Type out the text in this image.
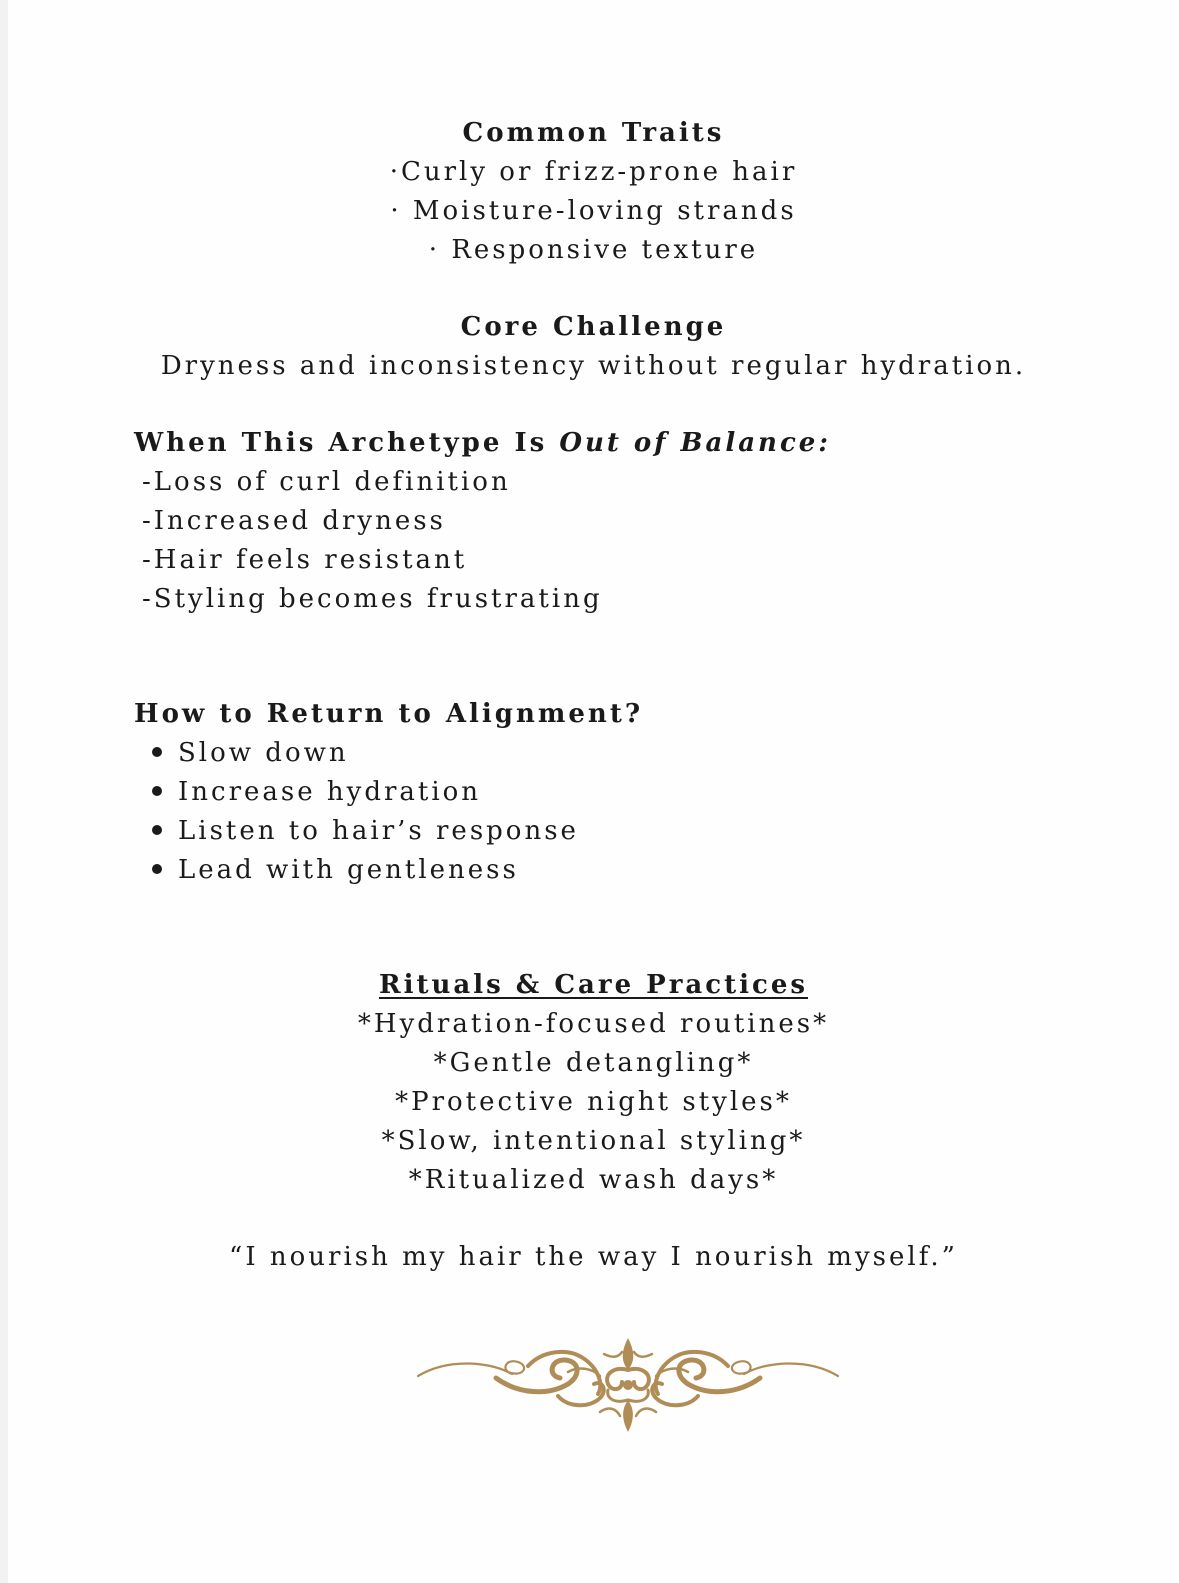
Common Traits
·Curly or frizz-prone hair
· Moisture-loving strands
· Responsive texture
Core Challenge
Dryness and inconsistency without regular hydration.
When This Archetype Is Out of Balance:
-Loss of curl definition
-Increased dryness
-Hair feels resistant
-Styling becomes frustrating
How to Return to Alignment?
Slow down
Increase hydration
Listen to hair’s response
Lead with gentleness
Rituals & Care Practices
*Hydration-focused routines*
*Gentle detangling*
*Protective night styles*
*Slow, intentional styling*
*Ritualized wash days*
“I nourish my hair the way I nourish myself.”
